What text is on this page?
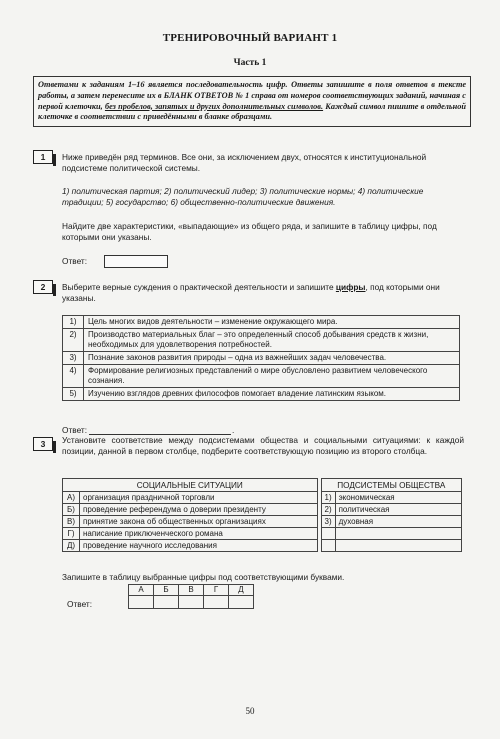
ТРЕНИРОВОЧНЫЙ ВАРИАНТ 1
Часть 1
Ответами к заданиям 1–16 является последовательность цифр. Ответы запишите в поля ответов в тексте работы, а затем перенесите их в БЛАНК ОТВЕТОВ № 1 справа от номеров соответствующих заданий, начиная с первой клеточки, без пробелов, запятых и других дополнительных символов. Каждый символ пишите в отдельной клеточке в соответствии с приведёнными в бланке образцами.
1	Ниже приведён ряд терминов. Все они, за исключением двух, относятся к институциональной подсистеме политической системы.
1) политическая партия; 2) политический лидер; 3) политические нормы; 4) политические традиции; 5) государство; 6) общественно-политические движения.
Найдите две характеристики, «выпадающие» из общего ряда, и запишите в таблицу цифры, под которыми они указаны.
Ответ:
2	Выберите верные суждения о практической деятельности и запишите цифры, под которыми они указаны.
1)	Цель многих видов деятельности – изменение окружающего мира.
2)	Производство материальных благ – это определенный способ добывания средств к жизни, необходимых для удовлетворения потребностей.
3)	Познание законов развития природы – одна из важнейших задач человечества.
4)	Формирование религиозных представлений о мире обусловлено развитием человеческого сознания.
5)	Изучению взглядов древних философов помогает владение латинским языком.
Ответ:	.
3	Установите соответствие между подсистемами общества и социальными ситуациями: к каждой позиции, данной в первом столбце, подберите соответствующую позицию из второго столбца.
СОЦИАЛЬНЫЕ СИТУАЦИИ			ПОДСИСТЕМЫ ОБЩЕСТВА	
А)	организация праздничной торговли		1)	экономическая
Б)	проведение референдума о доверии президенту		2)	политическая
В)	принятие закона об общественных организациях		3)	духовная
Г)	написание приключенческого романа			
Д)	проведение научного исследования			
Запишите в таблицу выбранные цифры под соответствующими буквами.
Ответ:
А	Б	В	Г	Д

50
